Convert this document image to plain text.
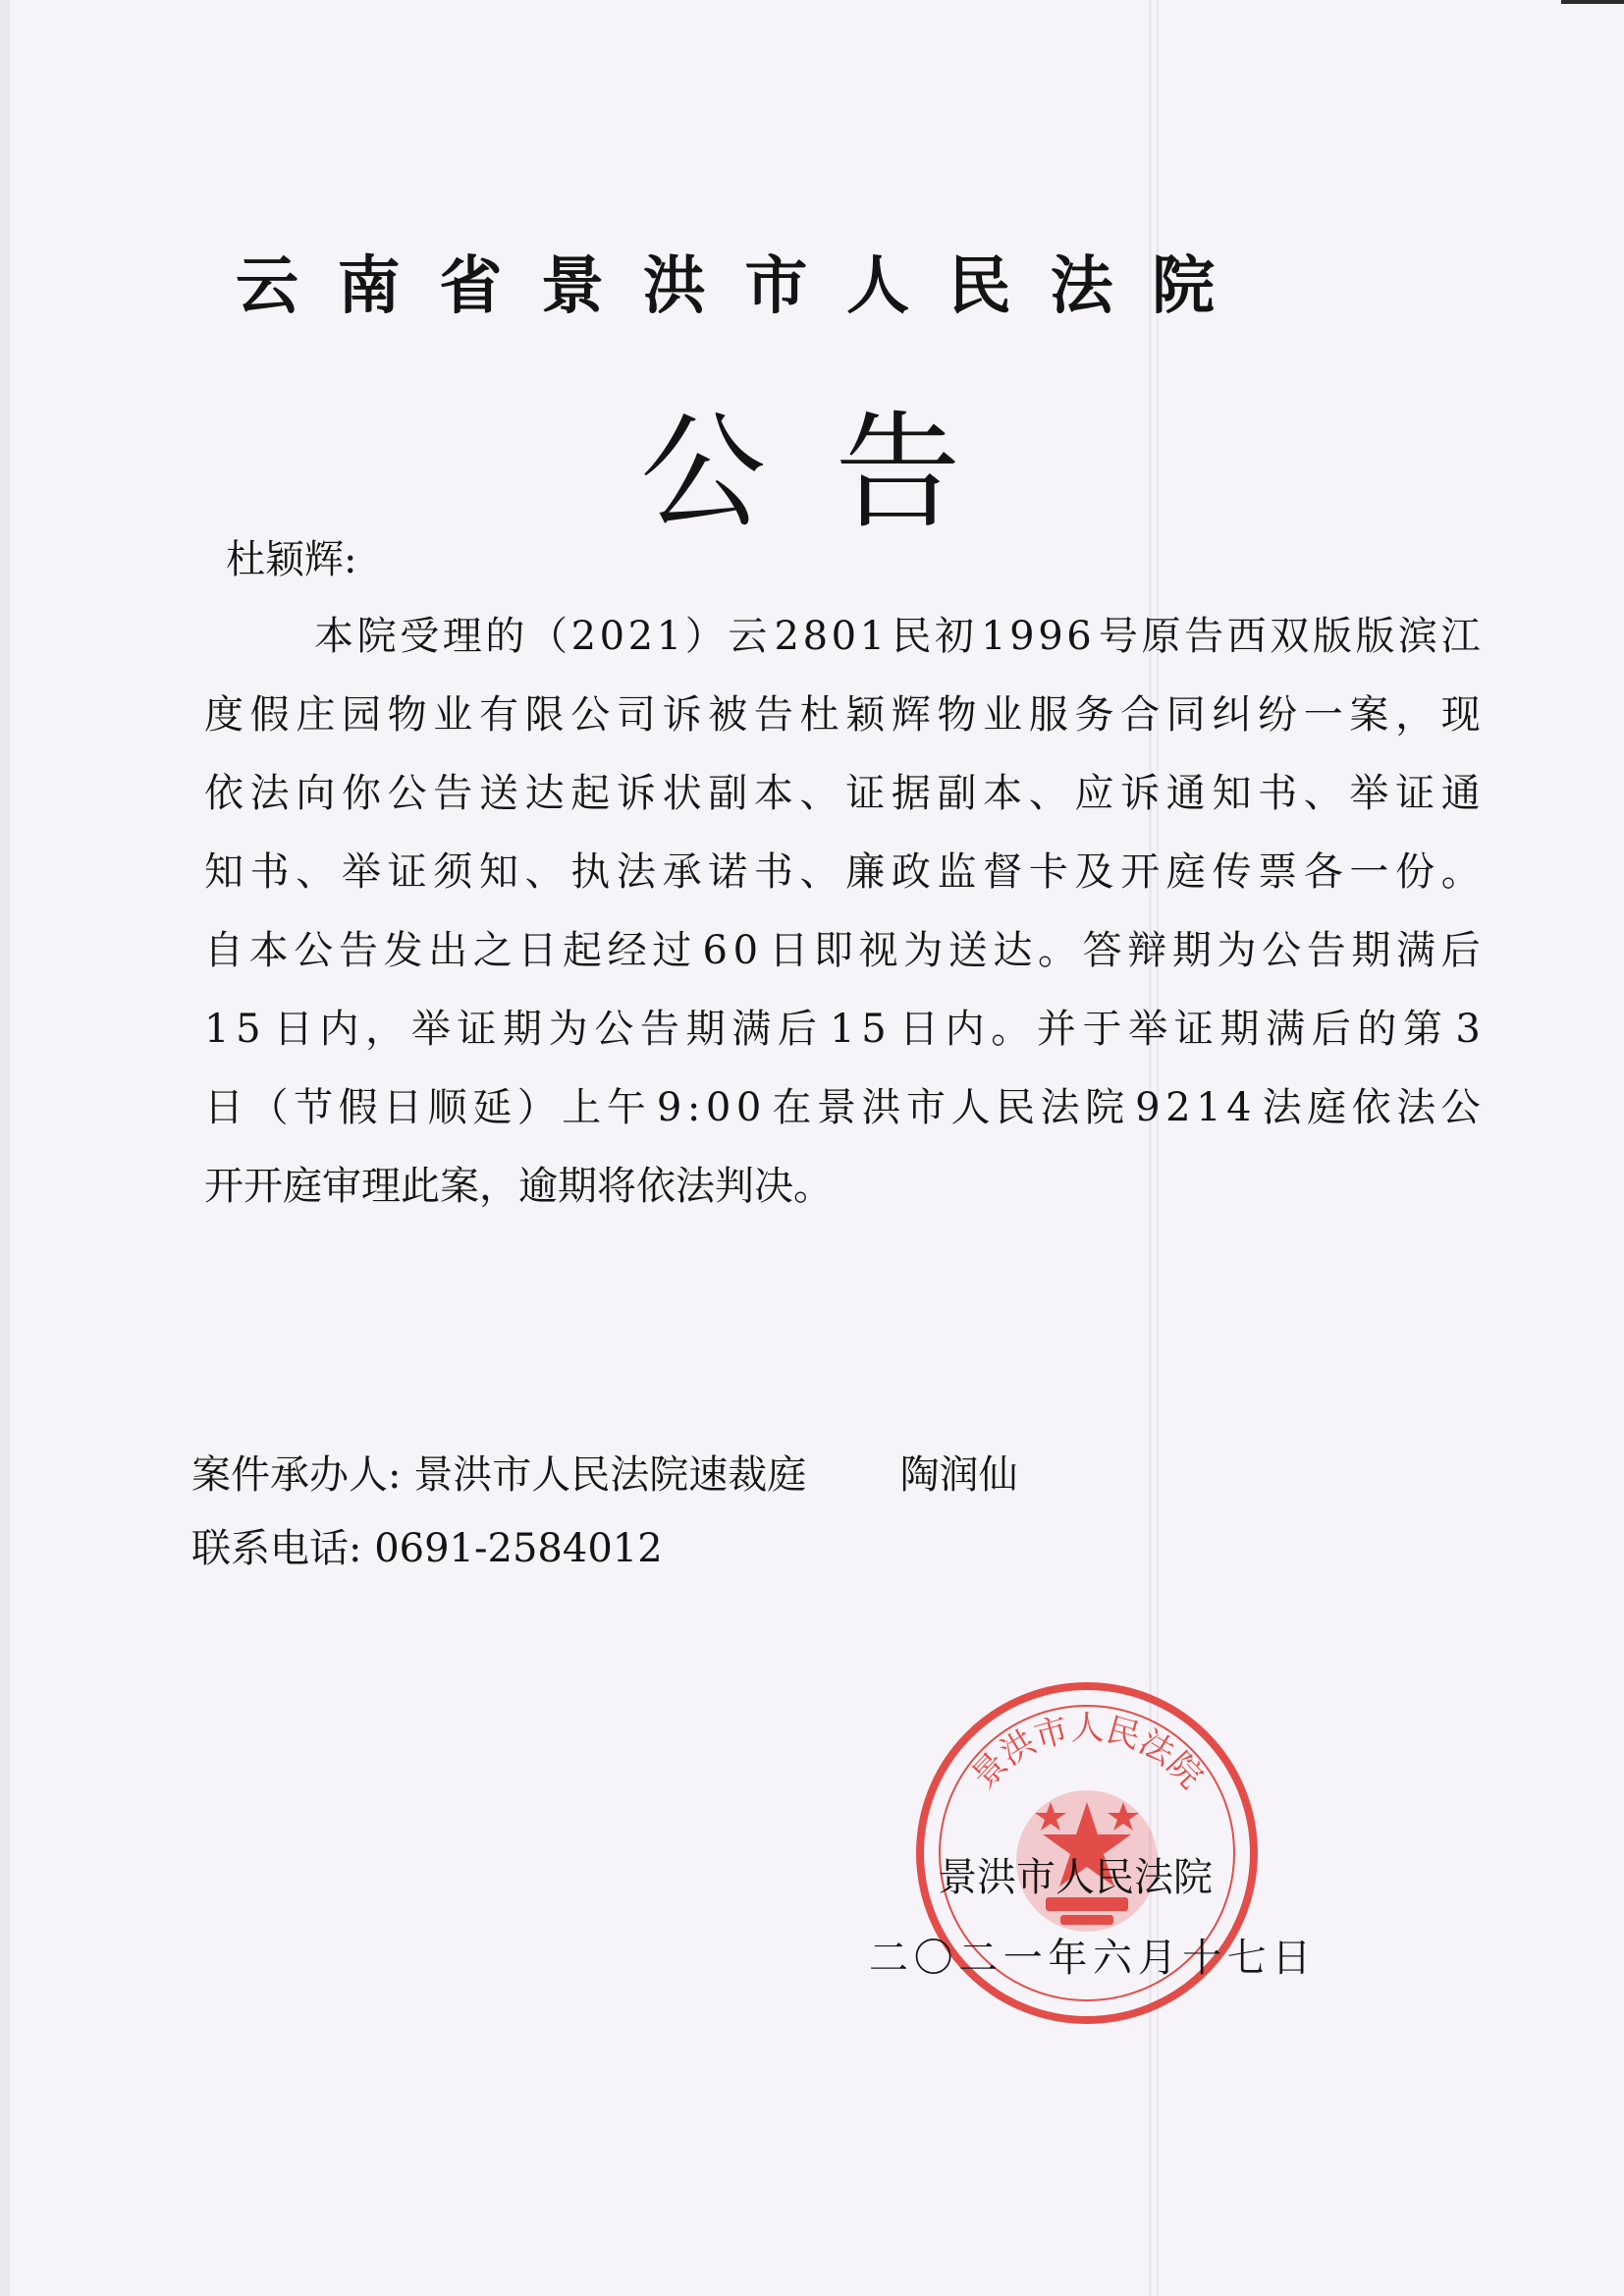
云南省景洪市人民法院
公告
杜颖辉:
本 院 受 理 的 （ 2 0 2 1 ） 云 2 8 0 1 民 初 1 9 9 6 号 原 告 西 双 版 版 滨 江
度 假 庄 园 物 业 有 限 公 司 诉 被 告 杜 颖 辉 物 业 服 务 合 同 纠 纷 一 案 ， 现
依 法 向 你 公 告 送 达 起 诉 状 副 本 、 证 据 副 本 、 应 诉 通 知 书 、 举 证 通
知 书 、 举 证 须 知 、 执 法 承 诺 书 、 廉 政 监 督 卡 及 开 庭 传 票 各 一 份 。
自 本 公 告 发 出 之 日 起 经 过 6 0 日 即 视 为 送 达 。 答 辩 期 为 公 告 期 满 后
1 5 日 内 ， 举 证 期 为 公 告 期 满 后 1 5 日 内 。 并 于 举 证 期 满 后 的 第 3
日 （ 节 假 日 顺 延 ） 上 午 9 : 0 0 在 景 洪 市 人 民 法 院 9 2 1 4 法 庭 依 法 公
开开庭审理此案，逾期将依法判决。
案件承办人: 景洪市人民法院速裁庭 陶润仙
联系电话: 0691-2584012
景洪市人民法院
景洪市人民法院
二〇二一年六月十七日
